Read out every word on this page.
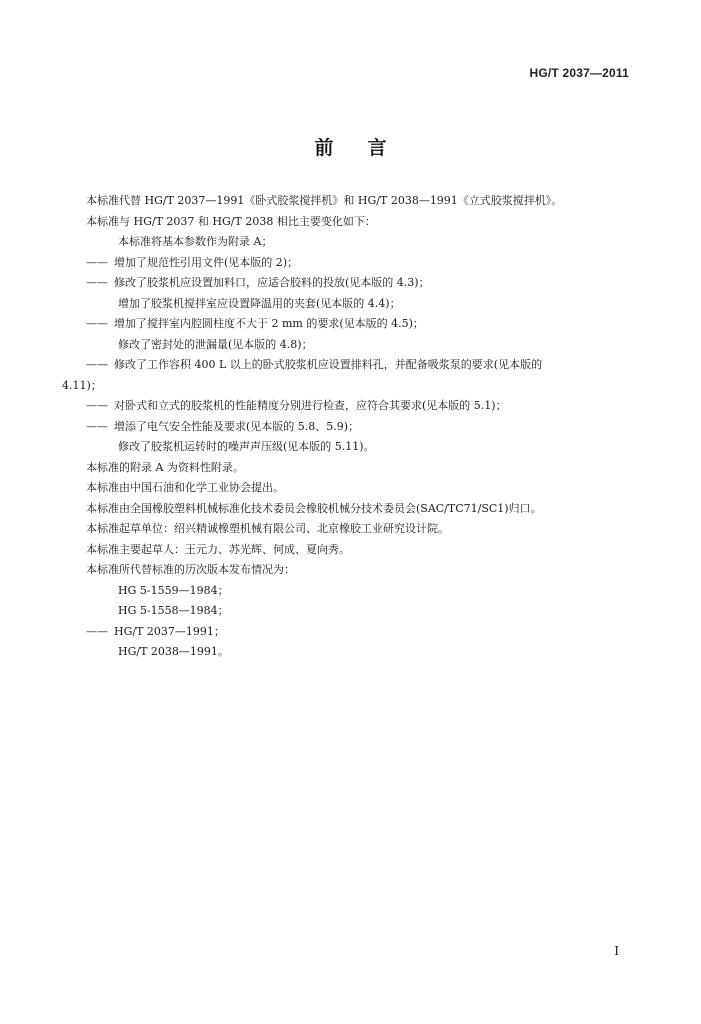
HG/T 2037—2011
前言
本标准代替 HG/T 2037—1991《卧式胶浆搅拌机》和 HG/T 2038—1991《立式胶浆搅拌机》。
本标准与 HG/T 2037 和 HG/T 2038 相比主要变化如下：
本标准将基本参数作为附录 A；
—— 增加了规范性引用文件(见本版的 2)；
—— 修改了胶浆机应设置加料口，应适合胶料的投放(见本版的 4.3)；
增加了胶浆机搅拌室应设置降温用的夹套(见本版的 4.4)；
—— 增加了搅拌室内腔圆柱度不大于 2 mm 的要求(见本版的 4.5)；
修改了密封处的泄漏量(见本版的 4.8)；
—— 修改了工作容积 400 L 以上的卧式胶浆机应设置排料孔，并配备吸浆泵的要求(见本版的
4.11)；
—— 对卧式和立式的胶浆机的性能精度分别进行检查，应符合其要求(见本版的 5.1)；
—— 增添了电气安全性能及要求(见本版的 5.8、5.9)；
修改了胶浆机运转时的噪声声压级(见本版的 5.11)。
本标准的附录 A 为资料性附录。
本标准由中国石油和化学工业协会提出。
本标准由全国橡胶塑料机械标准化技术委员会橡胶机械分技术委员会(SAC/TC71/SC1)归口。
本标准起草单位：绍兴精诚橡塑机械有限公司、北京橡胶工业研究设计院。
本标准主要起草人：王元力、苏光辉、何成、夏向秀。
本标准所代替标准的历次版本发布情况为：
HG 5-1559—1984；
HG 5-1558—1984；
—— HG/T 2037—1991；
HG/T 2038—1991。
I
